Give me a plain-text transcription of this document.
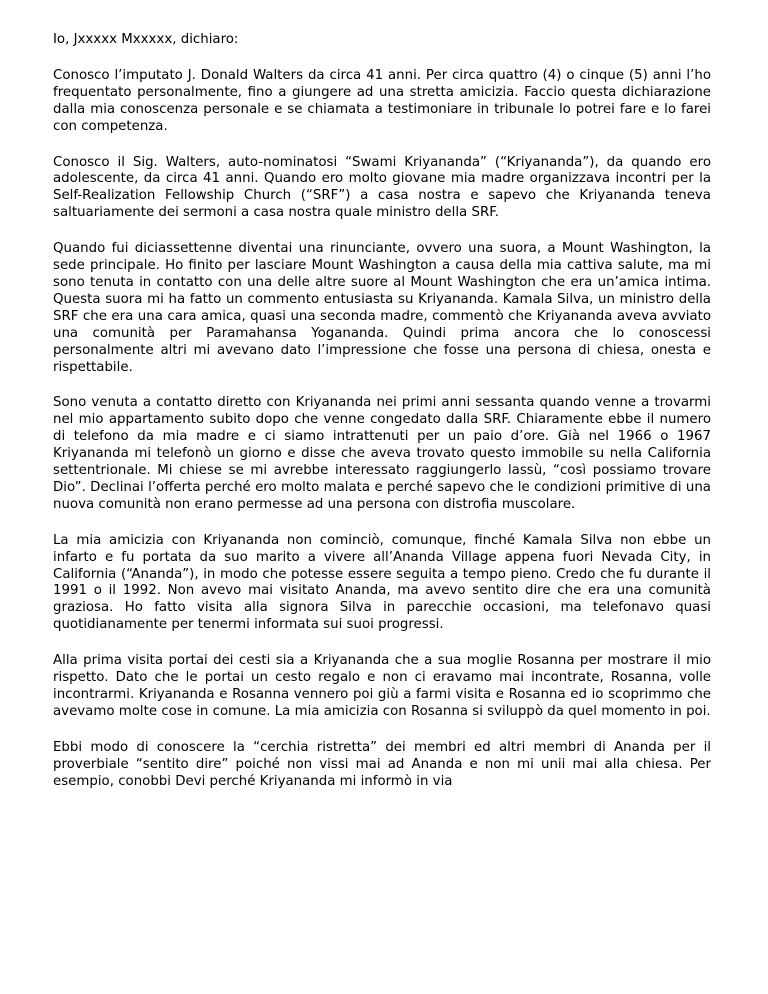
Io, Jxxxxx Mxxxxx, dichiaro:

Conosco l’imputato J. Donald Walters da circa 41 anni. Per circa quattro (4) o cinque (5) anni l’ho frequentato personalmente, fino a giungere ad una stretta amicizia. Faccio questa dichiarazione dalla mia conoscenza personale e se chiamata a testimoniare in tribunale lo potrei fare e lo farei con competenza.

Conosco il Sig. Walters, auto-nominatosi “Swami Kriyananda” (“Kriyananda”), da quando ero adolescente, da circa 41 anni. Quando ero molto giovane mia madre organizzava incontri per la Self-Realization Fellowship Church (“SRF”) a casa nostra e sapevo che Kriyananda teneva saltuariamente dei sermoni a casa nostra quale ministro della SRF.

Quando fui diciassettenne diventai una rinunciante, ovvero una suora, a Mount Washington, la sede principale. Ho finito per lasciare Mount Washington a causa della mia cattiva salute, ma mi sono tenuta in contatto con una delle altre suore al Mount Washington che era un’amica intima. Questa suora mi ha fatto un commento entusiasta su Kriyananda. Kamala Silva, un ministro della SRF che era una cara amica, quasi una seconda madre, commentò che Kriyananda aveva avviato una comunità per Paramahansa Yogananda. Quindi prima ancora che lo conoscessi personalmente altri mi avevano dato l’impressione che fosse una persona di chiesa, onesta e rispettabile.

Sono venuta a contatto diretto con Kriyananda nei primi anni sessanta quando venne a trovarmi nel mio appartamento subito dopo che venne congedato dalla SRF. Chiaramente ebbe il numero di telefono da mia madre e ci siamo intrattenuti per un paio d’ore. Già nel 1966 o 1967 Kriyananda mi telefonò un giorno e disse che aveva trovato questo immobile su nella California settentrionale. Mi chiese se mi avrebbe interessato raggiungerlo lassù, “così possiamo trovare Dio”. Declinai l’offerta perché ero molto malata e perché sapevo che le condizioni primitive di una nuova comunità non erano permesse ad una persona con distrofia muscolare.

La mia amicizia con Kriyananda non cominciò, comunque, finché Kamala Silva non ebbe un infarto e fu portata da suo marito a vivere all’Ananda Village appena fuori Nevada City, in California (“Ananda”), in modo che potesse essere seguita a tempo pieno. Credo che fu durante il 1991 o il 1992. Non avevo mai visitato Ananda, ma avevo sentito dire che era una comunità graziosa. Ho fatto visita alla signora Silva in parecchie occasioni, ma telefonavo quasi quotidianamente per tenermi informata sui suoi progressi.

Alla prima visita portai dei cesti sia a Kriyananda che a sua moglie Rosanna per mostrare il mio rispetto. Dato che le portai un cesto regalo e non ci eravamo mai incontrate, Rosanna, volle incontrarmi. Kriyananda e Rosanna vennero poi giù a farmi visita e Rosanna ed io scoprimmo che avevamo molte cose in comune. La mia amicizia con Rosanna si sviluppò da quel momento in poi.

Ebbi modo di conoscere la “cerchia ristretta” dei membri ed altri membri di Ananda per il proverbiale “sentito dire” poiché non vissi mai ad Ananda e non mi unii mai alla chiesa. Per esempio, conobbi Devi perché Kriyananda mi informò in via
